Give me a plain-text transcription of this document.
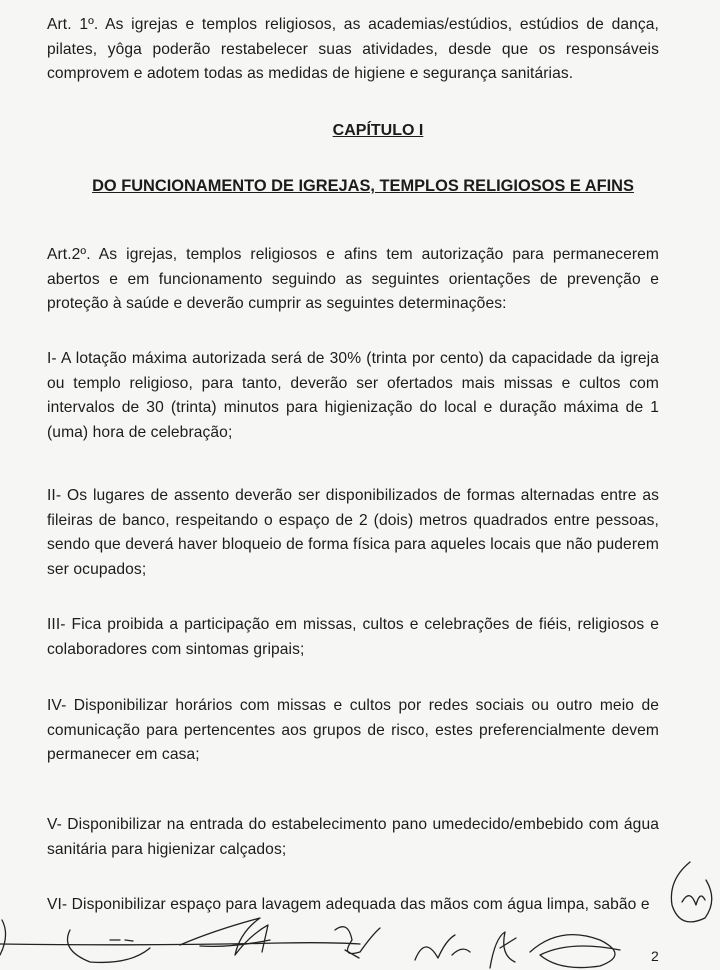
Art. 1º. As igrejas e templos religiosos, as academias/estúdios, estúdios de dança, pilates, yôga poderão restabelecer suas atividades, desde que os responsáveis comprovem e adotem todas as medidas de higiene e segurança sanitárias.
CAPÍTULO I
DO FUNCIONAMENTO DE IGREJAS, TEMPLOS RELIGIOSOS E AFINS
Art.2º. As igrejas, templos religiosos e afins tem autorização para permanecerem abertos e em funcionamento seguindo as seguintes orientações de prevenção e proteção à saúde e deverão cumprir as seguintes determinações:
I- A lotação máxima autorizada será de 30% (trinta por cento) da capacidade da igreja ou templo religioso, para tanto, deverão ser ofertados mais missas e cultos com intervalos de 30 (trinta) minutos para higienização do local e duração máxima de 1 (uma) hora de celebração;
II- Os lugares de assento deverão ser disponibilizados de formas alternadas entre as fileiras de banco, respeitando o espaço de 2 (dois) metros quadrados entre pessoas, sendo que deverá haver bloqueio de forma física para aqueles locais que não puderem ser ocupados;
III- Fica proibida a participação em missas, cultos e celebrações de fiéis, religiosos e colaboradores com sintomas gripais;
IV- Disponibilizar horários com missas e cultos por redes sociais ou outro meio de comunicação para pertencentes aos grupos de risco, estes preferencialmente devem permanecer em casa;
V- Disponibilizar na entrada do estabelecimento pano umedecido/embebido com água sanitária para higienizar calçados;
VI- Disponibilizar espaço para lavagem adequada das mãos com água limpa, sabão e
2
